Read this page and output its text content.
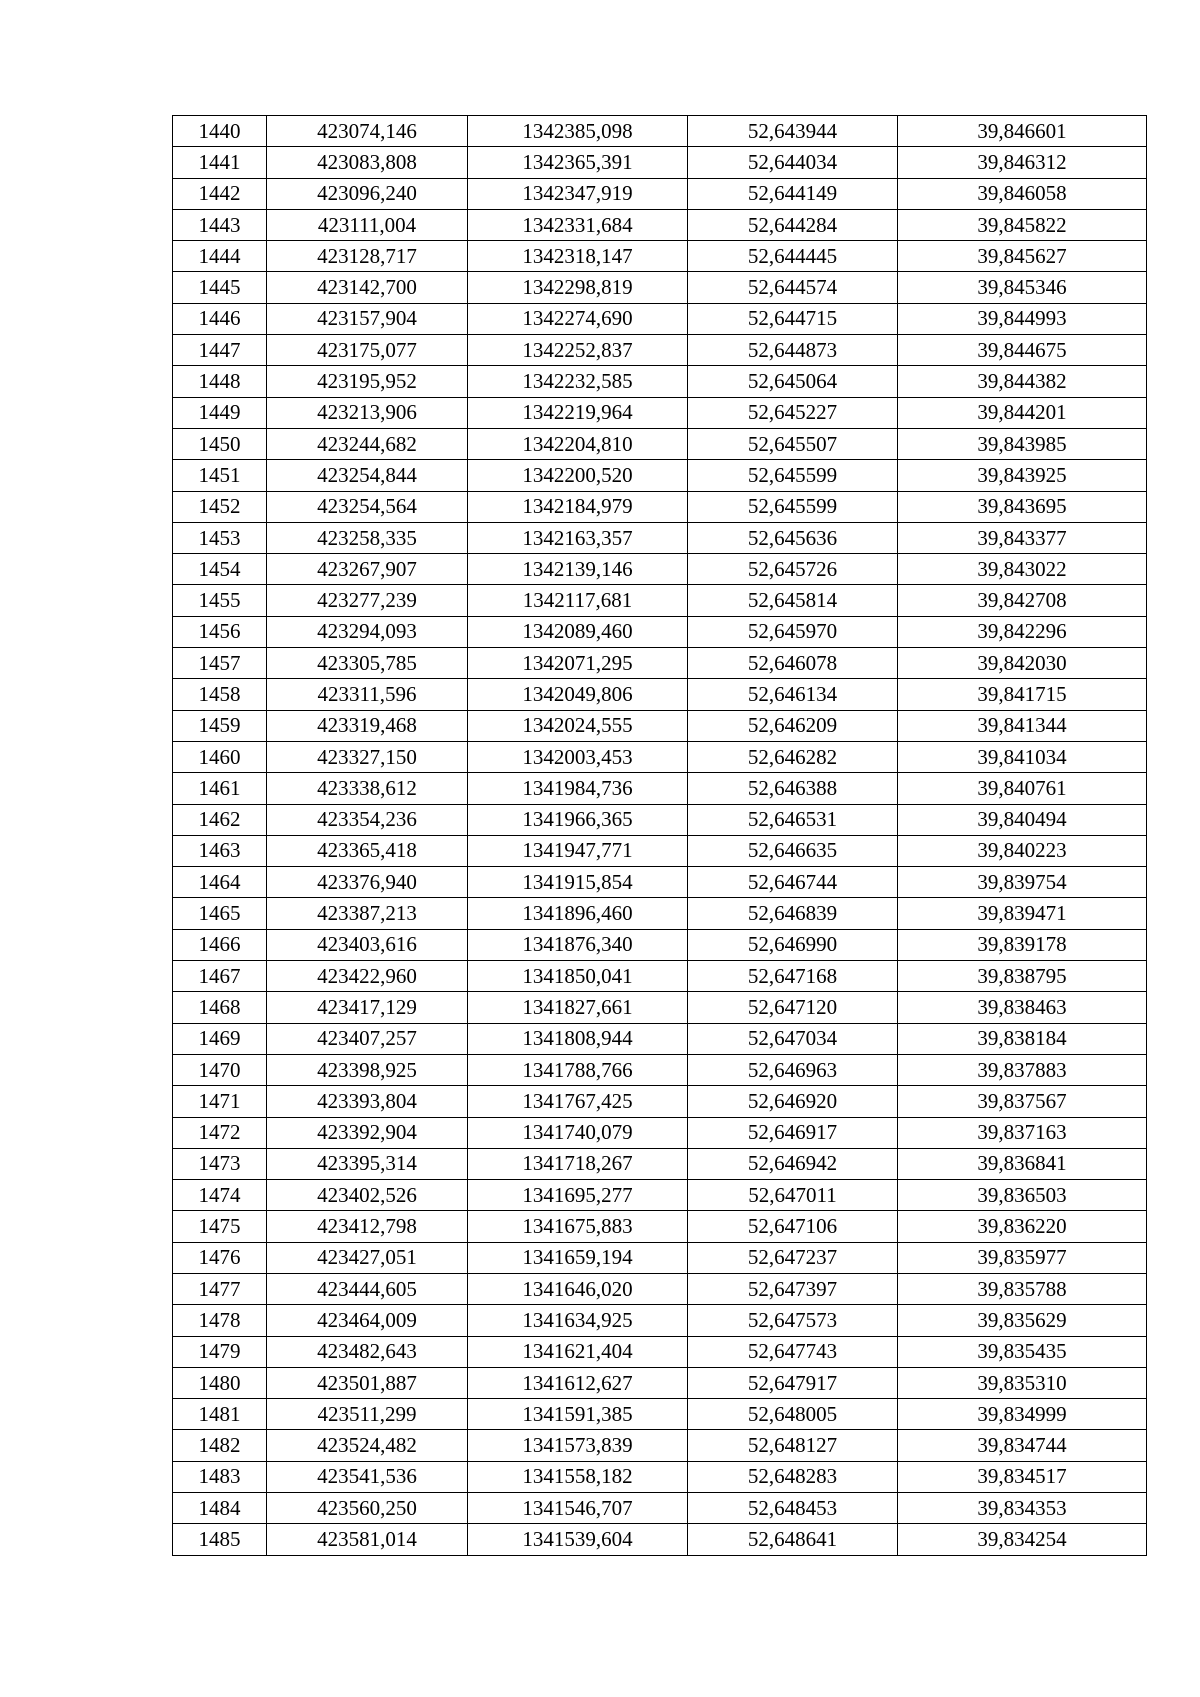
1440	423074,146	1342385,098	52,643944	39,846601
1441	423083,808	1342365,391	52,644034	39,846312
1442	423096,240	1342347,919	52,644149	39,846058
1443	423111,004	1342331,684	52,644284	39,845822
1444	423128,717	1342318,147	52,644445	39,845627
1445	423142,700	1342298,819	52,644574	39,845346
1446	423157,904	1342274,690	52,644715	39,844993
1447	423175,077	1342252,837	52,644873	39,844675
1448	423195,952	1342232,585	52,645064	39,844382
1449	423213,906	1342219,964	52,645227	39,844201
1450	423244,682	1342204,810	52,645507	39,843985
1451	423254,844	1342200,520	52,645599	39,843925
1452	423254,564	1342184,979	52,645599	39,843695
1453	423258,335	1342163,357	52,645636	39,843377
1454	423267,907	1342139,146	52,645726	39,843022
1455	423277,239	1342117,681	52,645814	39,842708
1456	423294,093	1342089,460	52,645970	39,842296
1457	423305,785	1342071,295	52,646078	39,842030
1458	423311,596	1342049,806	52,646134	39,841715
1459	423319,468	1342024,555	52,646209	39,841344
1460	423327,150	1342003,453	52,646282	39,841034
1461	423338,612	1341984,736	52,646388	39,840761
1462	423354,236	1341966,365	52,646531	39,840494
1463	423365,418	1341947,771	52,646635	39,840223
1464	423376,940	1341915,854	52,646744	39,839754
1465	423387,213	1341896,460	52,646839	39,839471
1466	423403,616	1341876,340	52,646990	39,839178
1467	423422,960	1341850,041	52,647168	39,838795
1468	423417,129	1341827,661	52,647120	39,838463
1469	423407,257	1341808,944	52,647034	39,838184
1470	423398,925	1341788,766	52,646963	39,837883
1471	423393,804	1341767,425	52,646920	39,837567
1472	423392,904	1341740,079	52,646917	39,837163
1473	423395,314	1341718,267	52,646942	39,836841
1474	423402,526	1341695,277	52,647011	39,836503
1475	423412,798	1341675,883	52,647106	39,836220
1476	423427,051	1341659,194	52,647237	39,835977
1477	423444,605	1341646,020	52,647397	39,835788
1478	423464,009	1341634,925	52,647573	39,835629
1479	423482,643	1341621,404	52,647743	39,835435
1480	423501,887	1341612,627	52,647917	39,835310
1481	423511,299	1341591,385	52,648005	39,834999
1482	423524,482	1341573,839	52,648127	39,834744
1483	423541,536	1341558,182	52,648283	39,834517
1484	423560,250	1341546,707	52,648453	39,834353
1485	423581,014	1341539,604	52,648641	39,834254
